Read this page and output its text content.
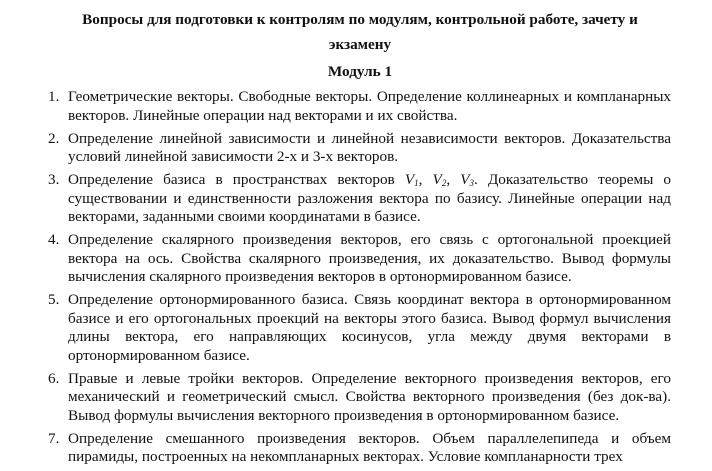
Вопросы для подготовки к контролям по модулям, контрольной работе, зачету и
экзамену
Модуль 1
1. Геометрические векторы. Свободные векторы. Определение коллинеарных и компланарных векторов. Линейные операции над векторами и их свойства.
2. Определение линейной зависимости и линейной независимости векторов. Доказательства условий линейной зависимости 2-х и 3-х векторов.
3. Определение базиса в пространствах векторов $V_1$, $V_2$, $V_3$. Доказательство теоремы о существовании и единственности разложения вектора по базису. Линейные операции над векторами, заданными своими координатами в базисе.
4. Определение скалярного произведения векторов, его связь с ортогональной проекцией вектора на ось. Свойства скалярного произведения, их доказательство. Вывод формулы вычисления скалярного произведения векторов в ортонормированном базисе.
5. Определение ортонормированного базиса. Связь координат вектора в ортонормированном базисе и его ортогональных проекций на векторы этого базиса. Вывод формул вычисления длины вектора, его направляющих косинусов, угла между двумя векторами в ортонормированном базисе.
6. Правые и левые тройки векторов. Определение векторного произведения векторов, его механический и геометрический смысл. Свойства векторного произведения (без док-ва). Вывод формулы вычисления векторного произведения в ортонормированном базисе.
7. Определение смешанного произведения векторов. Объем параллелепипеда и объем пирамиды, построенных на некомпланарных векторах. Условие компланарности трех
